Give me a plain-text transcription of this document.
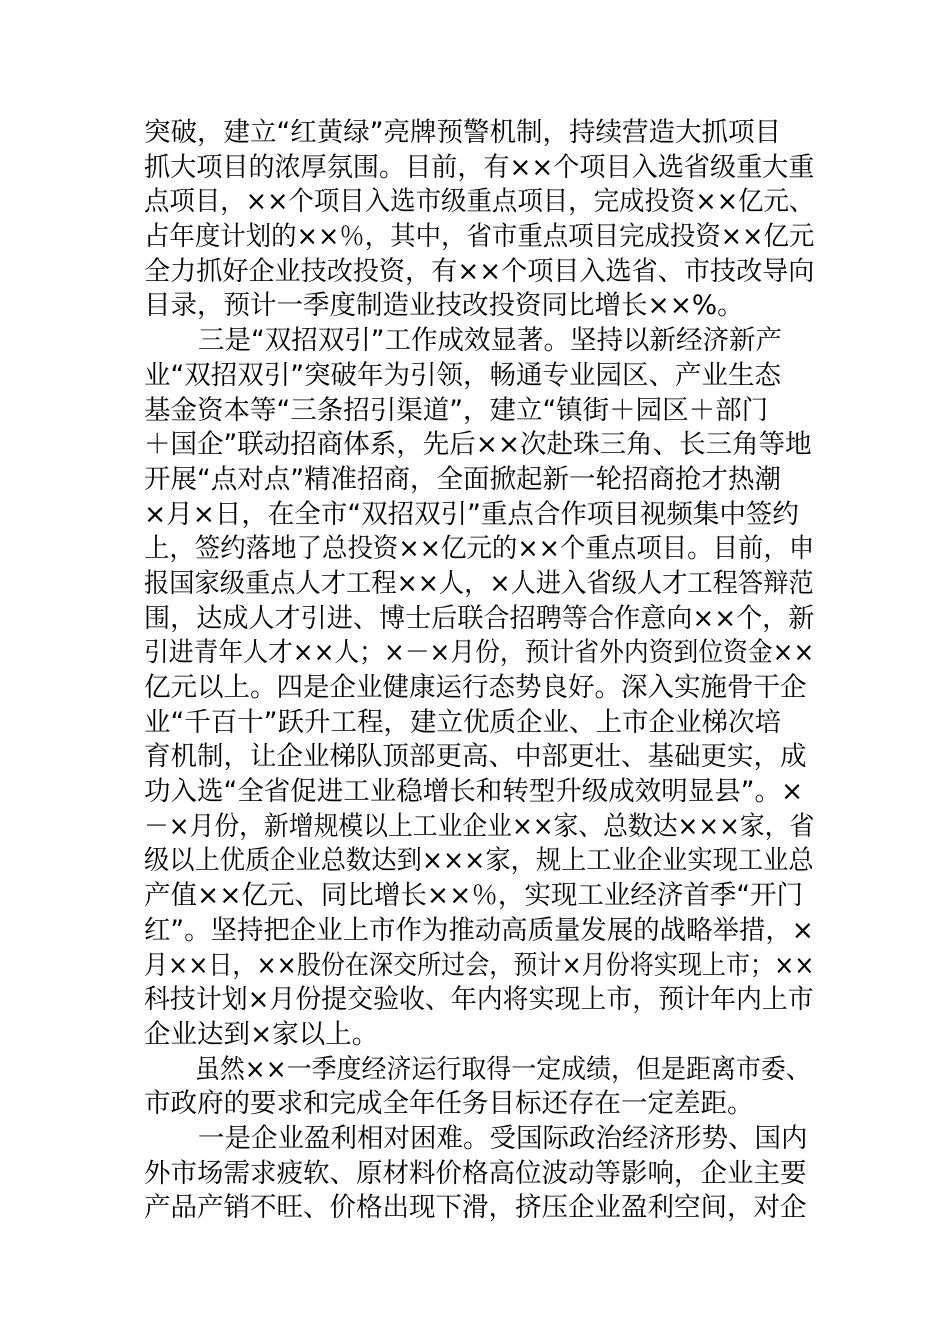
突破，建立“红黄绿”亮牌预警机制，持续营造大抓项目
抓大项目的浓厚氛围。目前，有××个项目入选省级重大重
点项目，××个项目入选市级重点项目，完成投资××亿元、
占年度计划的××％，其中，省市重点项目完成投资××亿元
全力抓好企业技改投资，有××个项目入选省、市技改导向
目录，预计一季度制造业技改投资同比增长××%。
三是“双招双引”工作成效显著。坚持以新经济新产
业“双招双引”突破年为引领，畅通专业园区、产业生态
基金资本等“三条招引渠道”，建立“镇街＋园区＋部门
＋国企”联动招商体系，先后××次赴珠三角、长三角等地
开展“点对点”精准招商，全面掀起新一轮招商抢才热潮
×月×日，在全市“双招双引”重点合作项目视频集中签约
上，签约落地了总投资××亿元的××个重点项目。目前，申
报国家级重点人才工程××人，×人进入省级人才工程答辩范
围，达成人才引进、博士后联合招聘等合作意向××个，新
引进青年人才××人；×－×月份，预计省外内资到位资金××
亿元以上。四是企业健康运行态势良好。深入实施骨干企
业“千百十”跃升工程，建立优质企业、上市企业梯次培
育机制，让企业梯队顶部更高、中部更壮、基础更实，成
功入选“全省促进工业稳增长和转型升级成效明显县”。×
－×月份，新增规模以上工业企业××家、总数达×××家，省
级以上优质企业总数达到×××家，规上工业企业实现工业总
产值××亿元、同比增长××％，实现工业经济首季“开门
红”。坚持把企业上市作为推动高质量发展的战略举措，×
月××日，××股份在深交所过会，预计×月份将实现上市；××
科技计划×月份提交验收、年内将实现上市，预计年内上市
企业达到×家以上。
虽然××一季度经济运行取得一定成绩，但是距离市委、
市政府的要求和完成全年任务目标还存在一定差距。
一是企业盈利相对困难。受国际政治经济形势、国内
外市场需求疲软、原材料价格高位波动等影响，企业主要
产品产销不旺、价格出现下滑，挤压企业盈利空间，对企
